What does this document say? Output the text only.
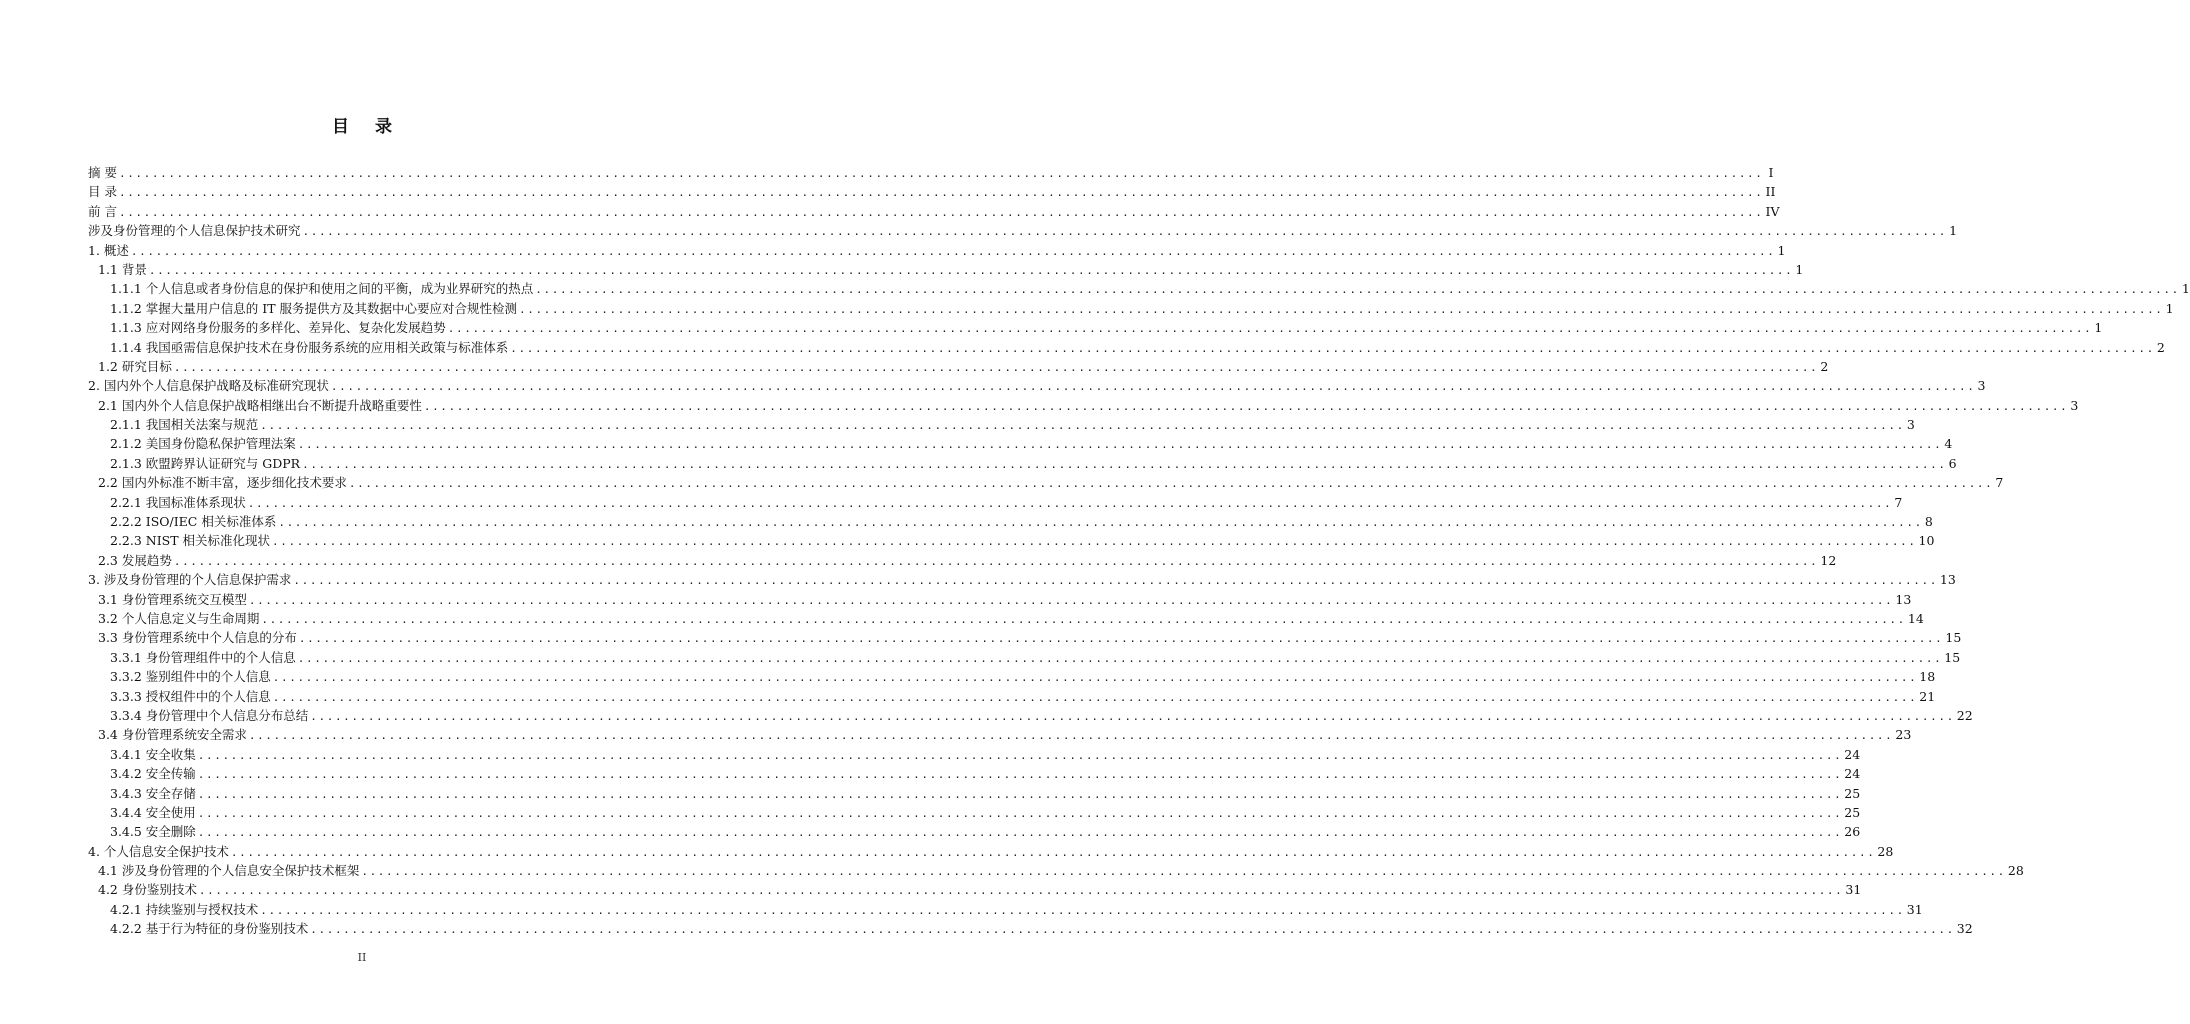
目 录
摘 要 ........................................................................................................................................................................................................ I
目 录 ........................................................................................................................................................................................................ II
前 言 ........................................................................................................................................................................................................ IV
涉及身份管理的个人信息保护技术研究 ........................................................................................................................................................................................................ 1
1. 概述 ........................................................................................................................................................................................................ 1
1.1 背景 ........................................................................................................................................................................................................ 1
1.1.1 个人信息或者身份信息的保护和使用之间的平衡，成为业界研究的热点 ........................................................................................................................................................................................................ 1
1.1.2 掌握大量用户信息的 IT 服务提供方及其数据中心要应对合规性检测 ........................................................................................................................................................................................................ 1
1.1.3 应对网络身份服务的多样化、差异化、复杂化发展趋势 ........................................................................................................................................................................................................ 1
1.1.4 我国亟需信息保护技术在身份服务系统的应用相关政策与标准体系 ........................................................................................................................................................................................................ 2
1.2 研究目标 ........................................................................................................................................................................................................ 2
2. 国内外个人信息保护战略及标准研究现状 ........................................................................................................................................................................................................ 3
2.1 国内外个人信息保护战略相继出台不断提升战略重要性 ........................................................................................................................................................................................................ 3
2.1.1 我国相关法案与规范 ........................................................................................................................................................................................................ 3
2.1.2 美国身份隐私保护管理法案 ........................................................................................................................................................................................................ 4
2.1.3 欧盟跨界认证研究与 GDPR ........................................................................................................................................................................................................ 6
2.2 国内外标准不断丰富，逐步细化技术要求 ........................................................................................................................................................................................................ 7
2.2.1 我国标准体系现状 ........................................................................................................................................................................................................ 7
2.2.2 ISO/IEC 相关标准体系 ........................................................................................................................................................................................................ 8
2.2.3 NIST 相关标准化现状 ........................................................................................................................................................................................................ 10
2.3 发展趋势 ........................................................................................................................................................................................................ 12
3. 涉及身份管理的个人信息保护需求 ........................................................................................................................................................................................................ 13
3.1 身份管理系统交互模型 ........................................................................................................................................................................................................ 13
3.2 个人信息定义与生命周期 ........................................................................................................................................................................................................ 14
3.3 身份管理系统中个人信息的分布 ........................................................................................................................................................................................................ 15
3.3.1 身份管理组件中的个人信息 ........................................................................................................................................................................................................ 15
3.3.2 鉴别组件中的个人信息 ........................................................................................................................................................................................................ 18
3.3.3 授权组件中的个人信息 ........................................................................................................................................................................................................ 21
3.3.4 身份管理中个人信息分布总结 ........................................................................................................................................................................................................ 22
3.4 身份管理系统安全需求 ........................................................................................................................................................................................................ 23
3.4.1 安全收集 ........................................................................................................................................................................................................ 24
3.4.2 安全传输 ........................................................................................................................................................................................................ 24
3.4.3 安全存储 ........................................................................................................................................................................................................ 25
3.4.4 安全使用 ........................................................................................................................................................................................................ 25
3.4.5 安全删除 ........................................................................................................................................................................................................ 26
4. 个人信息安全保护技术 ........................................................................................................................................................................................................ 28
4.1 涉及身份管理的个人信息安全保护技术框架 ........................................................................................................................................................................................................ 28
4.2 身份鉴别技术 ........................................................................................................................................................................................................ 31
4.2.1 持续鉴别与授权技术 ........................................................................................................................................................................................................ 31
4.2.2 基于行为特征的身份鉴别技术 ........................................................................................................................................................................................................ 32
II
